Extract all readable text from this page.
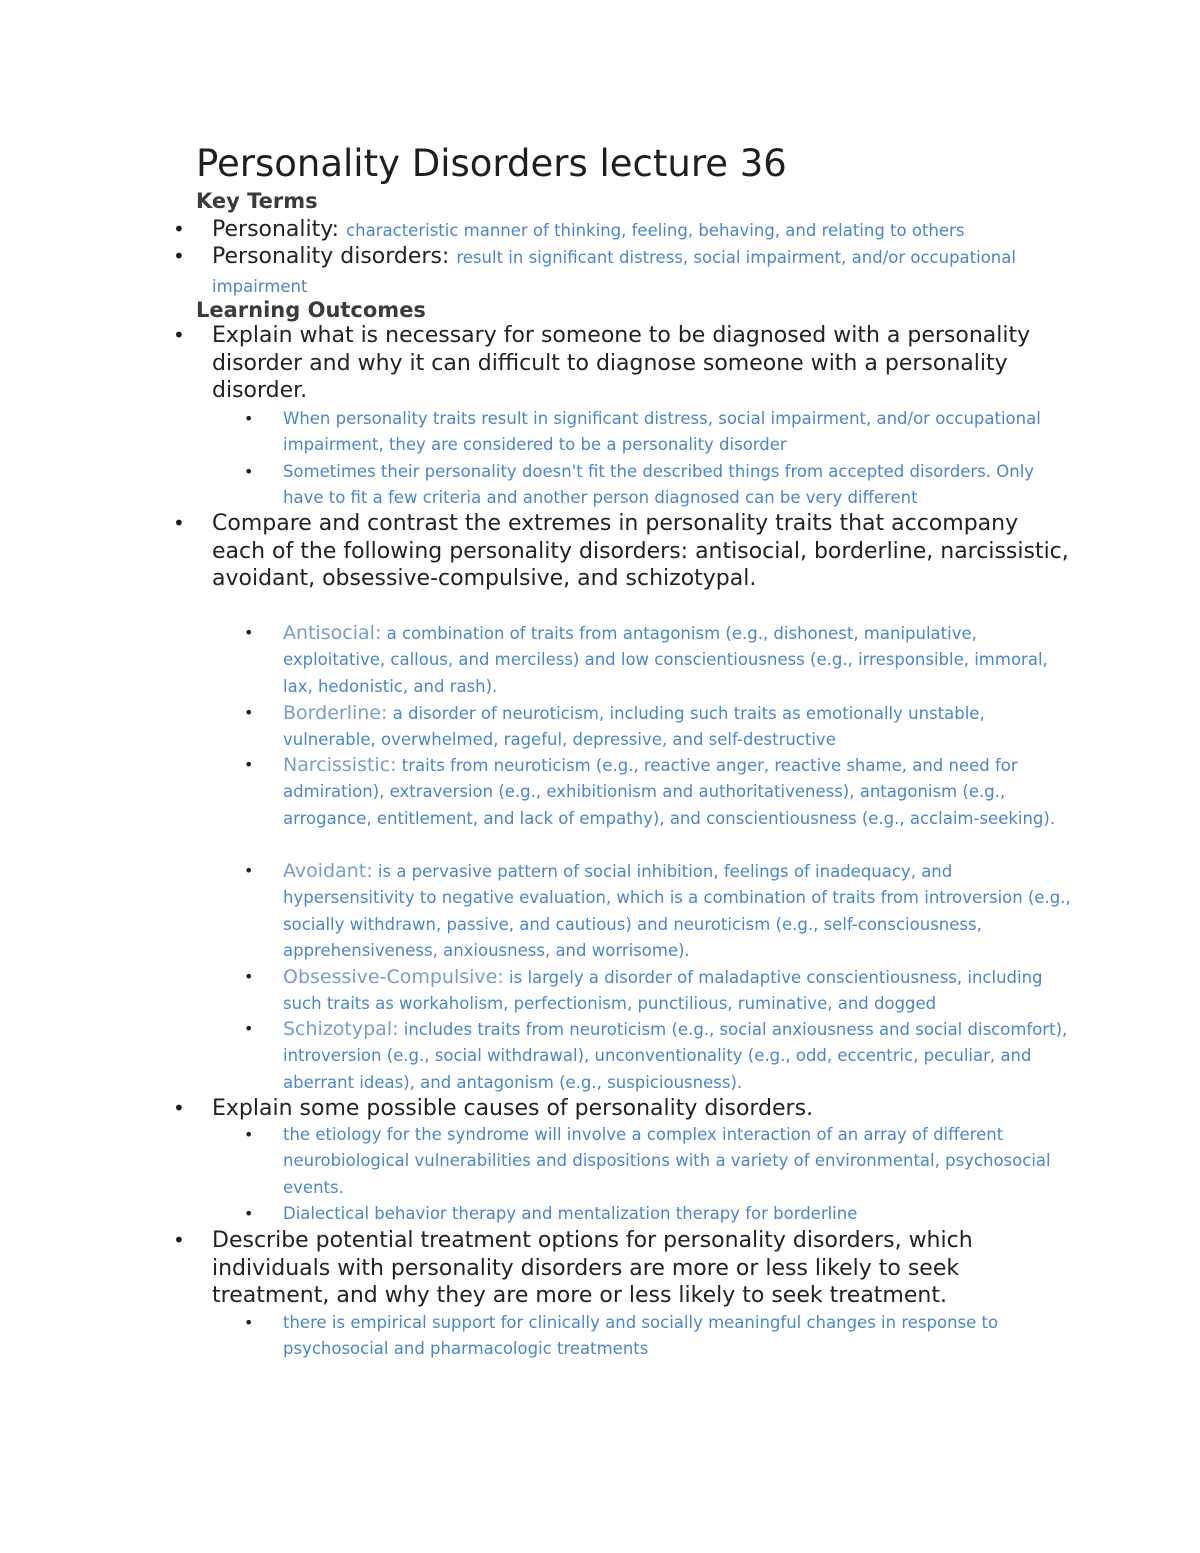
Personality Disorders lecture 36
Key Terms
• Personality: characteristic manner of thinking, feeling, behaving, and relating to others

• Personality disorders: result in significant distress, social impairment, and/or occupational impairment

Learning Outcomes
• Explain what is necessary for someone to be diagnosed with a personality disorder and why it can difficult to diagnose someone with a personality disorder.

• When personality traits result in significant distress, social impairment, and/or occupational impairment, they are considered to be a personality disorder

• Sometimes their personality doesn't fit the described things from accepted disorders. Only have to fit a few criteria and another person diagnosed can be very different

• Compare and contrast the extremes in personality traits that accompany each of the following personality disorders: antisocial, borderline, narcissistic, avoidant, obsessive-compulsive, and schizotypal.

• Antisocial: a combination of traits from antagonism (e.g., dishonest, manipulative, exploitative, callous, and merciless) and low conscientiousness (e.g., irresponsible, immoral, lax, hedonistic, and rash).

• Borderline: a disorder of neuroticism, including such traits as emotionally unstable, vulnerable, overwhelmed, rageful, depressive, and self-destructive

• Narcissistic: traits from neuroticism (e.g., reactive anger, reactive shame, and need for admiration), extraversion (e.g., exhibitionism and authoritativeness), antagonism (e.g., arrogance, entitlement, and lack of empathy), and conscientiousness (e.g., acclaim-seeking).

• Avoidant: is a pervasive pattern of social inhibition, feelings of inadequacy, and hypersensitivity to negative evaluation, which is a combination of traits from introversion (e.g., socially withdrawn, passive, and cautious) and neuroticism (e.g., self-consciousness, apprehensiveness, anxiousness, and worrisome).

• Obsessive-Compulsive: is largely a disorder of maladaptive conscientiousness, including such traits as workaholism, perfectionism, punctilious, ruminative, and dogged

• Schizotypal: includes traits from neuroticism (e.g., social anxiousness and social discomfort), introversion (e.g., social withdrawal), unconventionality (e.g., odd, eccentric, peculiar, and aberrant ideas), and antagonism (e.g., suspiciousness).

• Explain some possible causes of personality disorders.

• the etiology for the syndrome will involve a complex interaction of an array of different neurobiological vulnerabilities and dispositions with a variety of environmental, psychosocial events.

• Dialectical behavior therapy and mentalization therapy for borderline

• Describe potential treatment options for personality disorders, which individuals with personality disorders are more or less likely to seek treatment, and why they are more or less likely to seek treatment.

• there is empirical support for clinically and socially meaningful changes in response to psychosocial and pharmacologic treatments
